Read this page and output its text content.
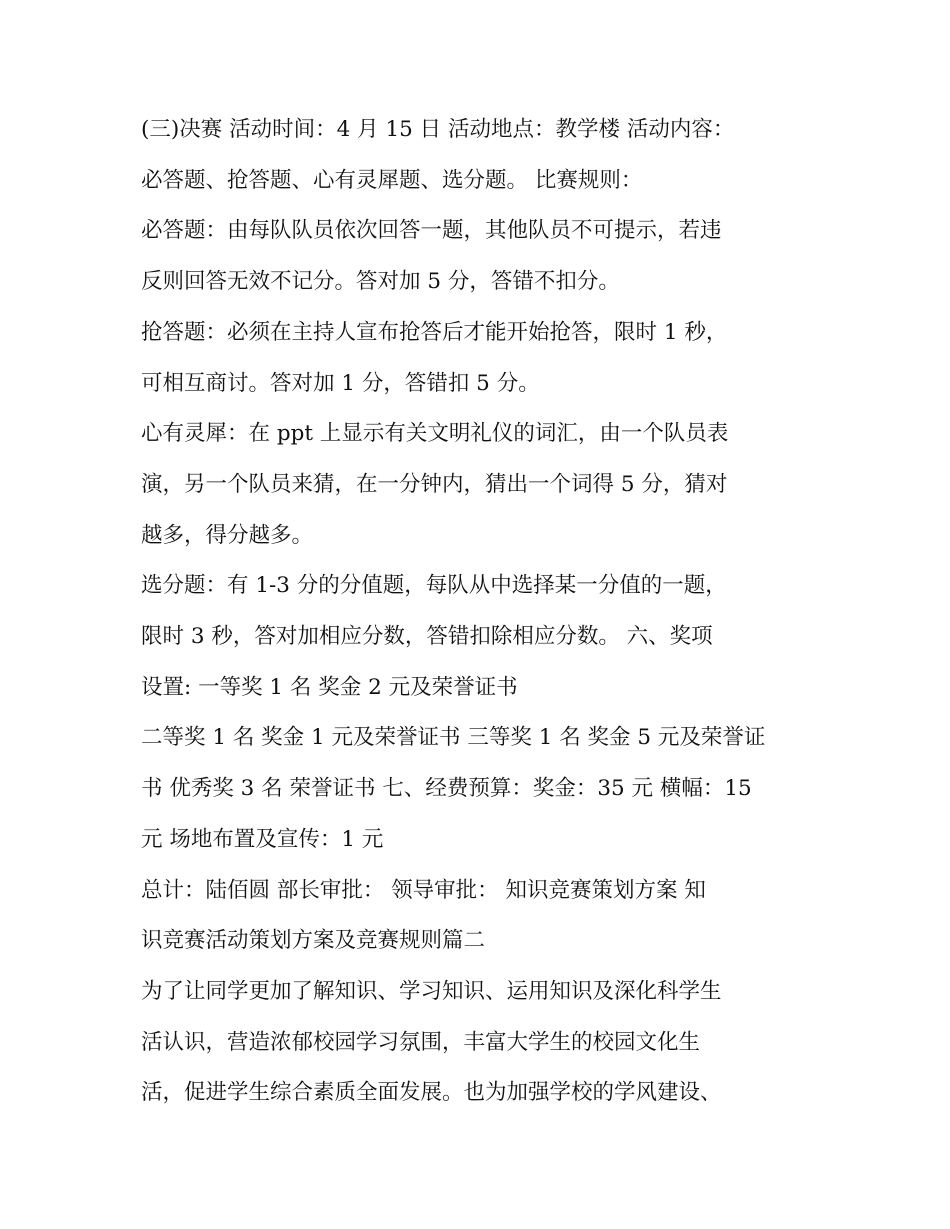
(三)决赛 活动时间：4 月 15 日 活动地点：教学楼 活动内容：
必答题、抢答题、心有灵犀题、选分题。 比赛规则：
必答题：由每队队员依次回答一题，其他队员不可提示，若违
反则回答无效不记分。答对加 5 分，答错不扣分。
抢答题：必须在主持人宣布抢答后才能开始抢答，限时 1 秒，
可相互商讨。答对加 1 分，答错扣 5 分。
心有灵犀：在 ppt 上显示有关文明礼仪的词汇，由一个队员表
演，另一个队员来猜，在一分钟内，猜出一个词得 5 分，猜对
越多，得分越多。
选分题：有 1-3 分的分值题，每队从中选择某一分值的一题，
限时 3 秒，答对加相应分数，答错扣除相应分数。 六、奖项
设置: 一等奖 1 名 奖金 2 元及荣誉证书
二等奖 1 名 奖金 1 元及荣誉证书 三等奖 1 名 奖金 5 元及荣誉证
书 优秀奖 3 名 荣誉证书 七、经费预算：奖金：35 元 横幅：15
元 场地布置及宣传：1 元
总计：陆佰圆 部长审批： 领导审批： 知识竞赛策划方案 知
识竞赛活动策划方案及竞赛规则篇二
为了让同学更加了解知识、学习知识、运用知识及深化科学生
活认识，营造浓郁校园学习氛围，丰富大学生的校园文化生
活，促进学生综合素质全面发展。也为加强学校的学风建设、
